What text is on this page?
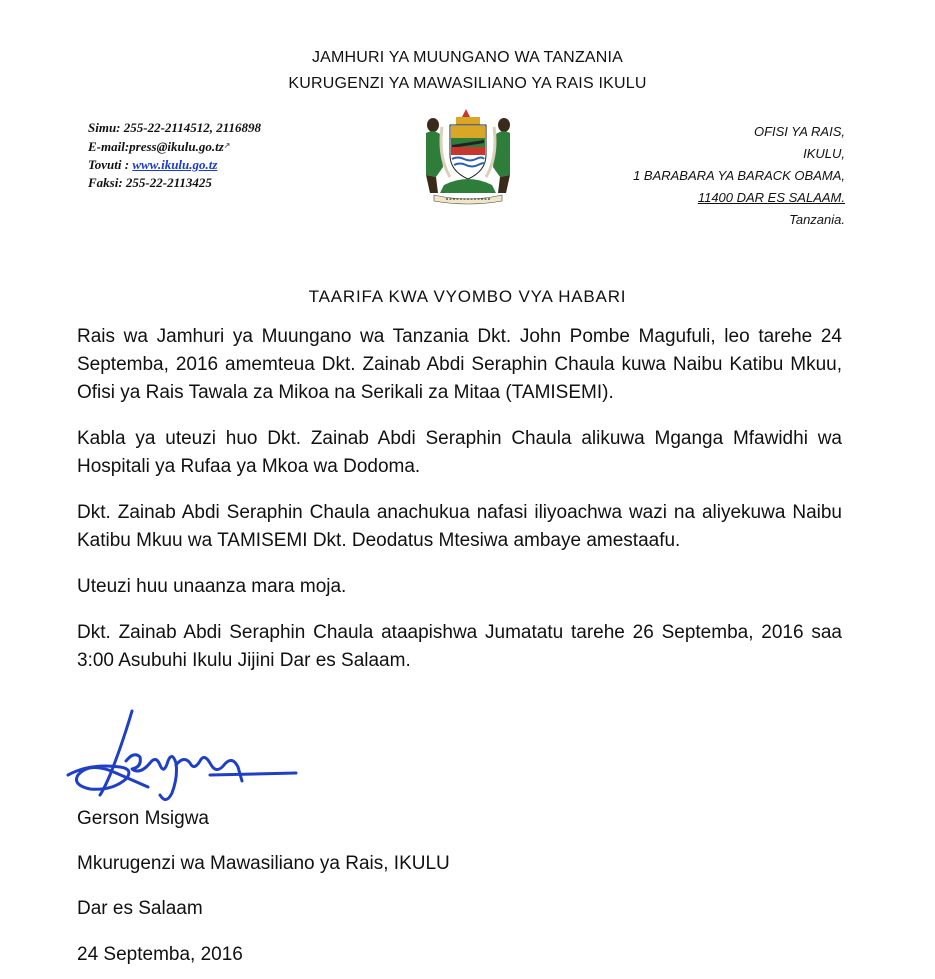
JAMHURI YA MUUNGANO WA TANZANIA
KURUGENZI YA MAWASILIANO YA RAIS IKULU
Simu: 255-22-2114512, 2116898
E-mail:press@ikulu.go.tz↗
Tovuti : www.ikulu.go.tz
Faksi: 255-22-2113425
OFISI YA RAIS,
IKULU,
1 BARABARA YA BARACK OBAMA,
11400 DAR ES SALAAM.
Tanzania.
TAARIFA KWA VYOMBO VYA HABARI

Rais wa Jamhuri ya Muungano wa Tanzania Dkt. John Pombe Magufuli, leo tarehe 24 Septemba, 2016 amemteua Dkt. Zainab Abdi Seraphin Chaula kuwa Naibu Katibu Mkuu, Ofisi ya Rais Tawala za Mikoa na Serikali za Mitaa (TAMISEMI).

Kabla ya uteuzi huo Dkt. Zainab Abdi Seraphin Chaula alikuwa Mganga Mfawidhi wa Hospitali ya Rufaa ya Mkoa wa Dodoma.

Dkt. Zainab Abdi Seraphin Chaula anachukua nafasi iliyoachwa wazi na aliyekuwa Naibu Katibu Mkuu wa TAMISEMI Dkt. Deodatus Mtesiwa ambaye amestaafu.

Uteuzi huu unaanza mara moja.

Dkt. Zainab Abdi Seraphin Chaula ataapishwa Jumatatu tarehe 26 Septemba, 2016 saa 3:00 Asubuhi Ikulu Jijini Dar es Salaam.

Gerson Msigwa
Mkurugenzi wa Mawasiliano ya Rais, IKULU
Dar es Salaam
24 Septemba, 2016
